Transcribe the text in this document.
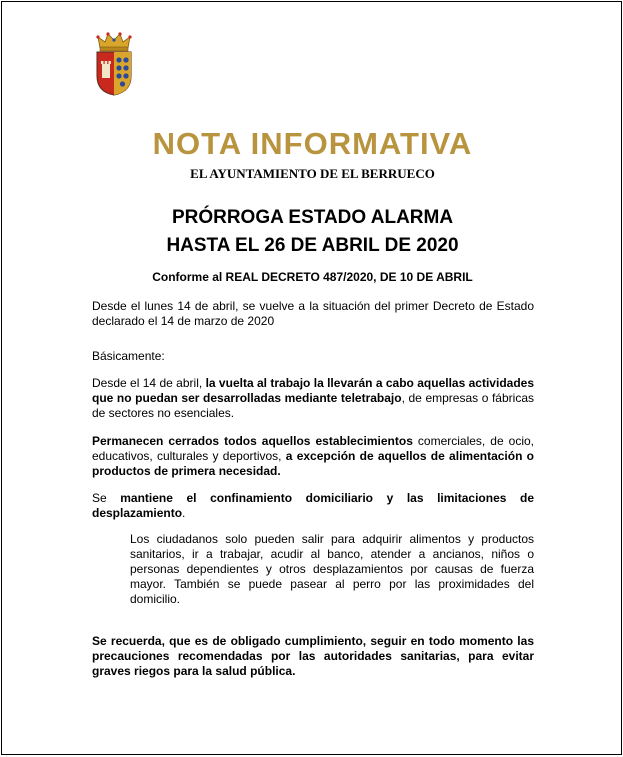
NOTA INFORMATIVA
EL AYUNTAMIENTO DE EL BERRUECO
PRÓRROGA ESTADO ALARMA
HASTA EL 26 DE ABRIL DE 2020
Conforme al REAL DECRETO 487/2020, DE 10 DE ABRIL

Desde el lunes 14 de abril, se vuelve a la situación del primer Decreto de Estado declarado el 14 de marzo de 2020

Básicamente:

Desde el 14 de abril, la vuelta al trabajo la llevarán a cabo aquellas actividades que no puedan ser desarrolladas mediante teletrabajo, de empresas o fábricas de sectores no esenciales.

Permanecen cerrados todos aquellos establecimientos comerciales, de ocio, educativos, culturales y deportivos, a excepción de aquellos de alimentación o productos de primera necesidad.

Se mantiene el confinamiento domiciliario y las limitaciones de desplazamiento.

Los ciudadanos solo pueden salir para adquirir alimentos y productos sanitarios, ir a trabajar, acudir al banco, atender a ancianos, niños o personas dependientes y otros desplazamientos por causas de fuerza mayor. También se puede pasear al perro por las proximidades del domicilio.

Se recuerda, que es de obligado cumplimiento, seguir en todo momento las precauciones recomendadas por las autoridades sanitarias, para evitar graves riegos para la salud pública.
